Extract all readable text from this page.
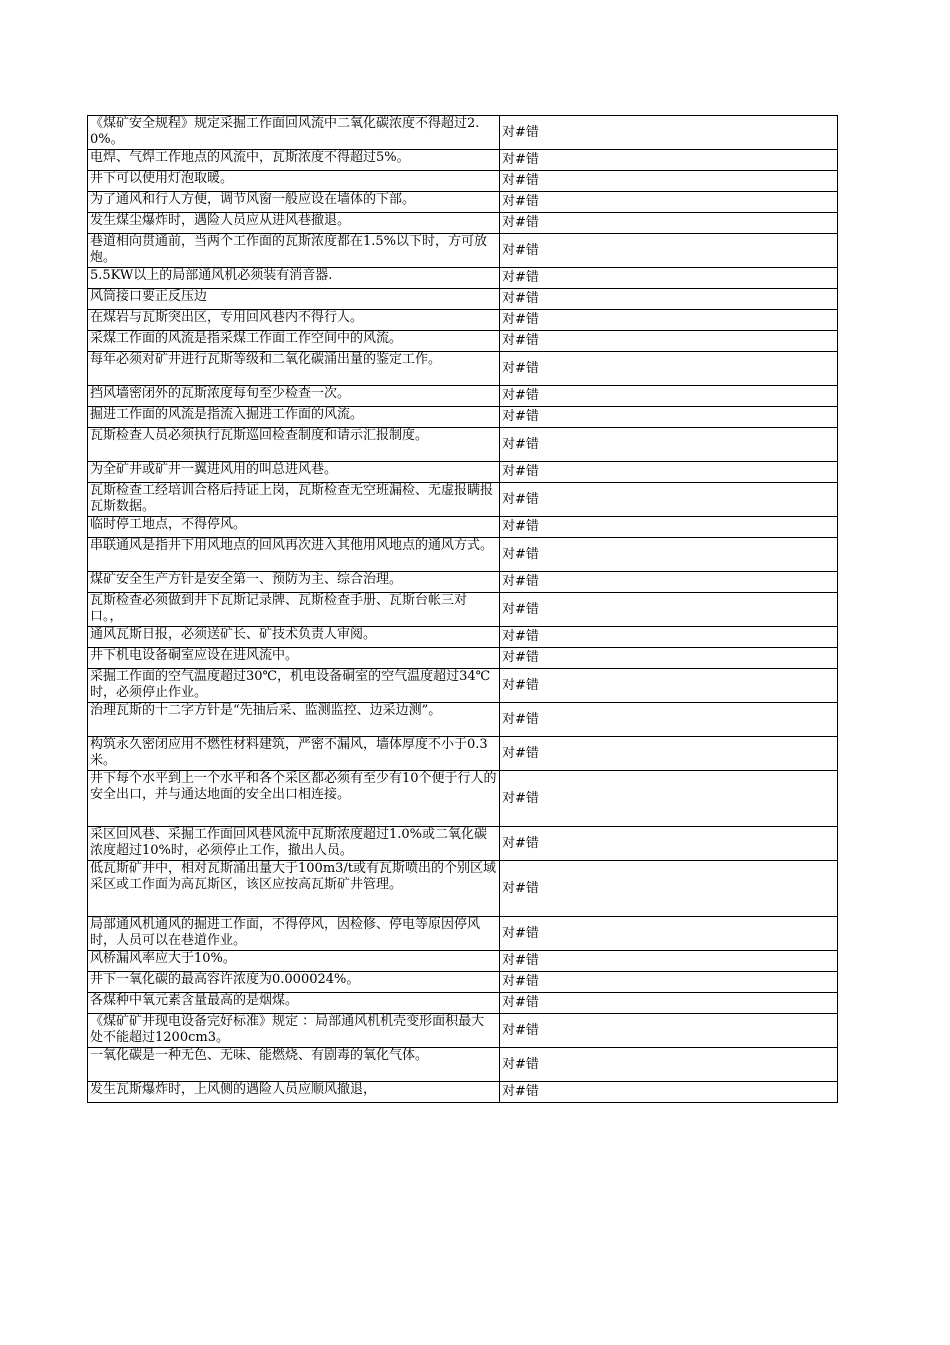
《煤矿安全规程》规定采掘工作面回风流中二氧化碳浓度不得超过2.0%。	对#错

电焊、气焊工作地点的风流中，瓦斯浓度不得超过5%。	对#错

井下可以使用灯泡取暖。	对#错

为了通风和行人方便，调节风窗一般应设在墙体的下部。	对#错

发生煤尘爆炸时，遇险人员应从进风巷撤退。	对#错

巷道相向贯通前，当两个工作面的瓦斯浓度都在1.5%以下时，方可放炮。	对#错

5.5KW以上的局部通风机必须装有消音器.	对#错

风筒接口要正反压边	对#错

在煤岩与瓦斯突出区，专用回风巷内不得行人。	对#错

采煤工作面的风流是指采煤工作面工作空间中的风流。	对#错

每年必须对矿井进行瓦斯等级和二氧化碳涌出量的鉴定工作。	对#错

挡风墙密闭外的瓦斯浓度每旬至少检查一次。	对#错

掘进工作面的风流是指流入掘进工作面的风流。	对#错

瓦斯检查人员必须执行瓦斯巡回检查制度和请示汇报制度。	对#错

为全矿井或矿井一翼进风用的叫总进风巷。	对#错

瓦斯检查工经培训合格后持证上岗，瓦斯检查无空班漏检、无虚报瞒报瓦斯数据。	对#错

临时停工地点，不得停风。	对#错

串联通风是指井下用风地点的回风再次进入其他用风地点的通风方式。	对#错

煤矿安全生产方针是安全第一、预防为主、综合治理。	对#错

瓦斯检查必须做到井下瓦斯记录牌、瓦斯检查手册、瓦斯台帐三对口。，	对#错

通风瓦斯日报，必须送矿长、矿技术负责人审阅。	对#错

井下机电设备硐室应设在进风流中。	对#错

采掘工作面的空气温度超过30℃，机电设备硐室的空气温度超过34℃时，必须停止作业。	对#错

治理瓦斯的十二字方针是“先抽后采、监测监控、边采边测”。	对#错

构筑永久密闭应用不燃性材料建筑，严密不漏风，墙体厚度不小于0.3米。	对#错

井下每个水平到上一个水平和各个采区都必须有至少有10个便于行人的安全出口，并与通达地面的安全出口相连接。	对#错

采区回风巷、采掘工作面回风巷风流中瓦斯浓度超过1.0%或二氧化碳浓度超过10%时，必须停止工作，撤出人员。	对#错

低瓦斯矿井中，相对瓦斯涌出量大于100m3/t或有瓦斯喷出的个别区域采区或工作面为高瓦斯区，该区应按高瓦斯矿井管理。	对#错

局部通风机通风的掘进工作面，不得停风，因检修、停电等原因停风时，人员可以在巷道作业。	对#错

风桥漏风率应大于10%。	对#错

井下一氧化碳的最高容许浓度为0.000024%。	对#错

各煤种中氧元素含量最高的是烟煤。	对#错

《煤矿矿井现电设备完好标准》规定 ：局部通风机机壳变形面积最大处不能超过1200cm3。	对#错

一氧化碳是一种无色、无味、能燃烧、有剧毒的氧化气体。	对#错

发生瓦斯爆炸时，上风侧的遇险人员应顺风撤退，	对#错
